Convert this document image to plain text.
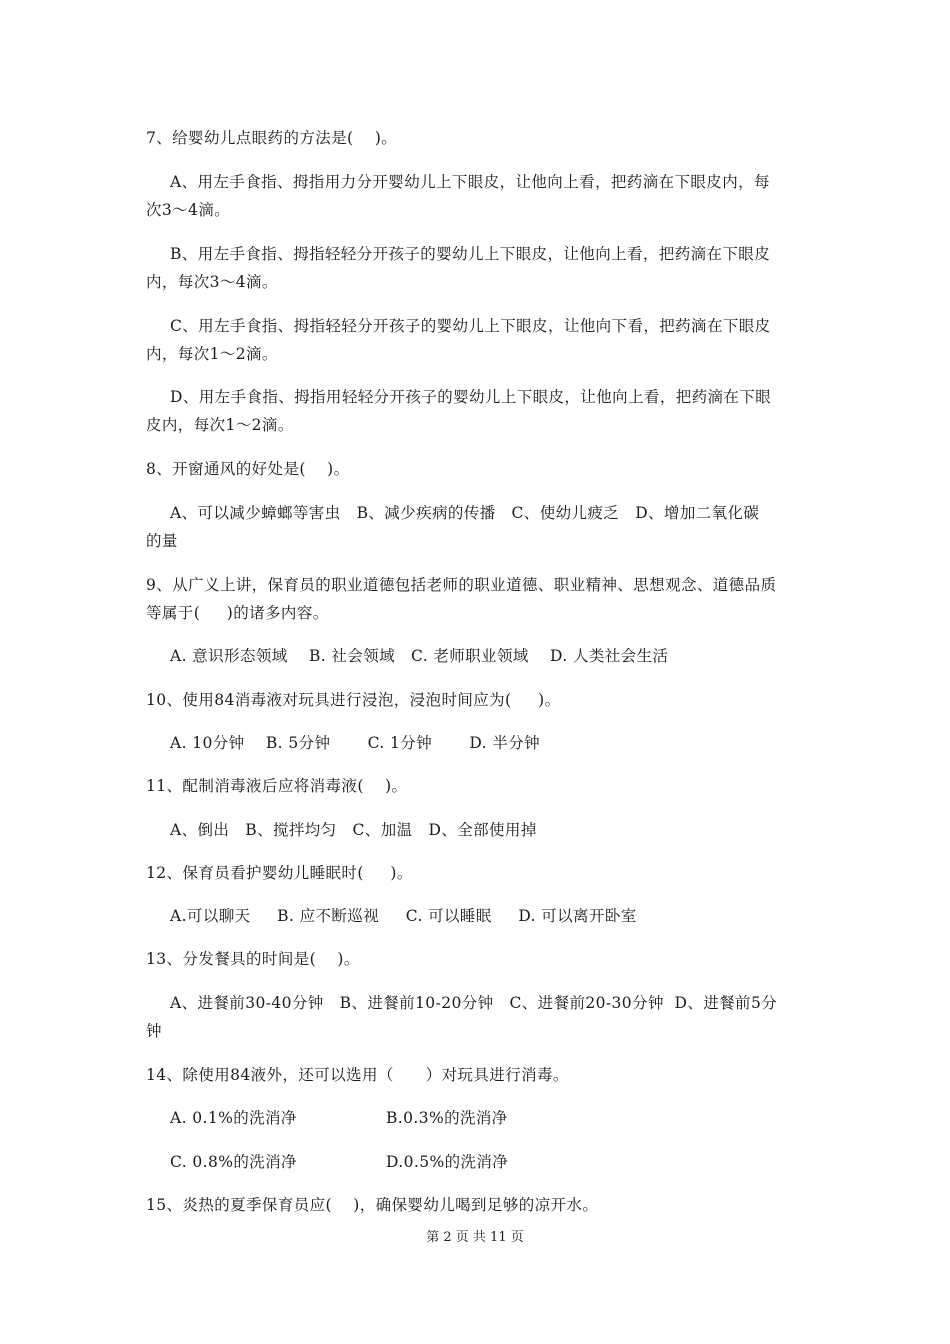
7、给婴幼儿点眼药的方法是(    )。
A、用左手食指、拇指用力分开婴幼儿上下眼皮，让他向上看，把药滴在下眼皮内，每
次3～4滴。
B、用左手食指、拇指轻轻分开孩子的婴幼儿上下眼皮，让他向上看，把药滴在下眼皮
内，每次3～4滴。
C、用左手食指、拇指轻轻分开孩子的婴幼儿上下眼皮，让他向下看，把药滴在下眼皮
内，每次1～2滴。
D、用左手食指、拇指用轻轻分开孩子的婴幼儿上下眼皮，让他向上看，把药滴在下眼
皮内，每次1～2滴。
8、开窗通风的好处是(    )。
A、可以减少蟑螂等害虫   B、减少疾病的传播   C、使幼儿疲乏   D、增加二氧化碳
的量
9、从广义上讲，保育员的职业道德包括老师的职业道德、职业精神、思想观念、道德品质
等属于(     )的诸多内容。
A. 意识形态领域    B. 社会领域   C. 老师职业领域    D. 人类社会生活
10、使用84消毒液对玩具进行浸泡，浸泡时间应为(     )。
A. 10分钟    B. 5分钟       C. 1分钟       D. 半分钟
11、配制消毒液后应将消毒液(    )。
A、倒出   B、搅拌均匀   C、加温   D、全部使用掉
12、保育员看护婴幼儿睡眠时(     )。
A.可以聊天     B. 应不断巡视     C. 可以睡眠     D. 可以离开卧室
13、分发餐具的时间是(    )。
A、进餐前30-40分钟   B、进餐前10-20分钟   C、进餐前20-30分钟  D、进餐前5分
钟
14、除使用84液外，还可以选用（      ）对玩具进行消毒。
A. 0.1%的洗消净	B.0.3%的洗消净
C. 0.8%的洗消净	D.0.5%的洗消净
15、炎热的夏季保育员应(    )，确保婴幼儿喝到足够的凉开水。
第 2 页 共 11 页
